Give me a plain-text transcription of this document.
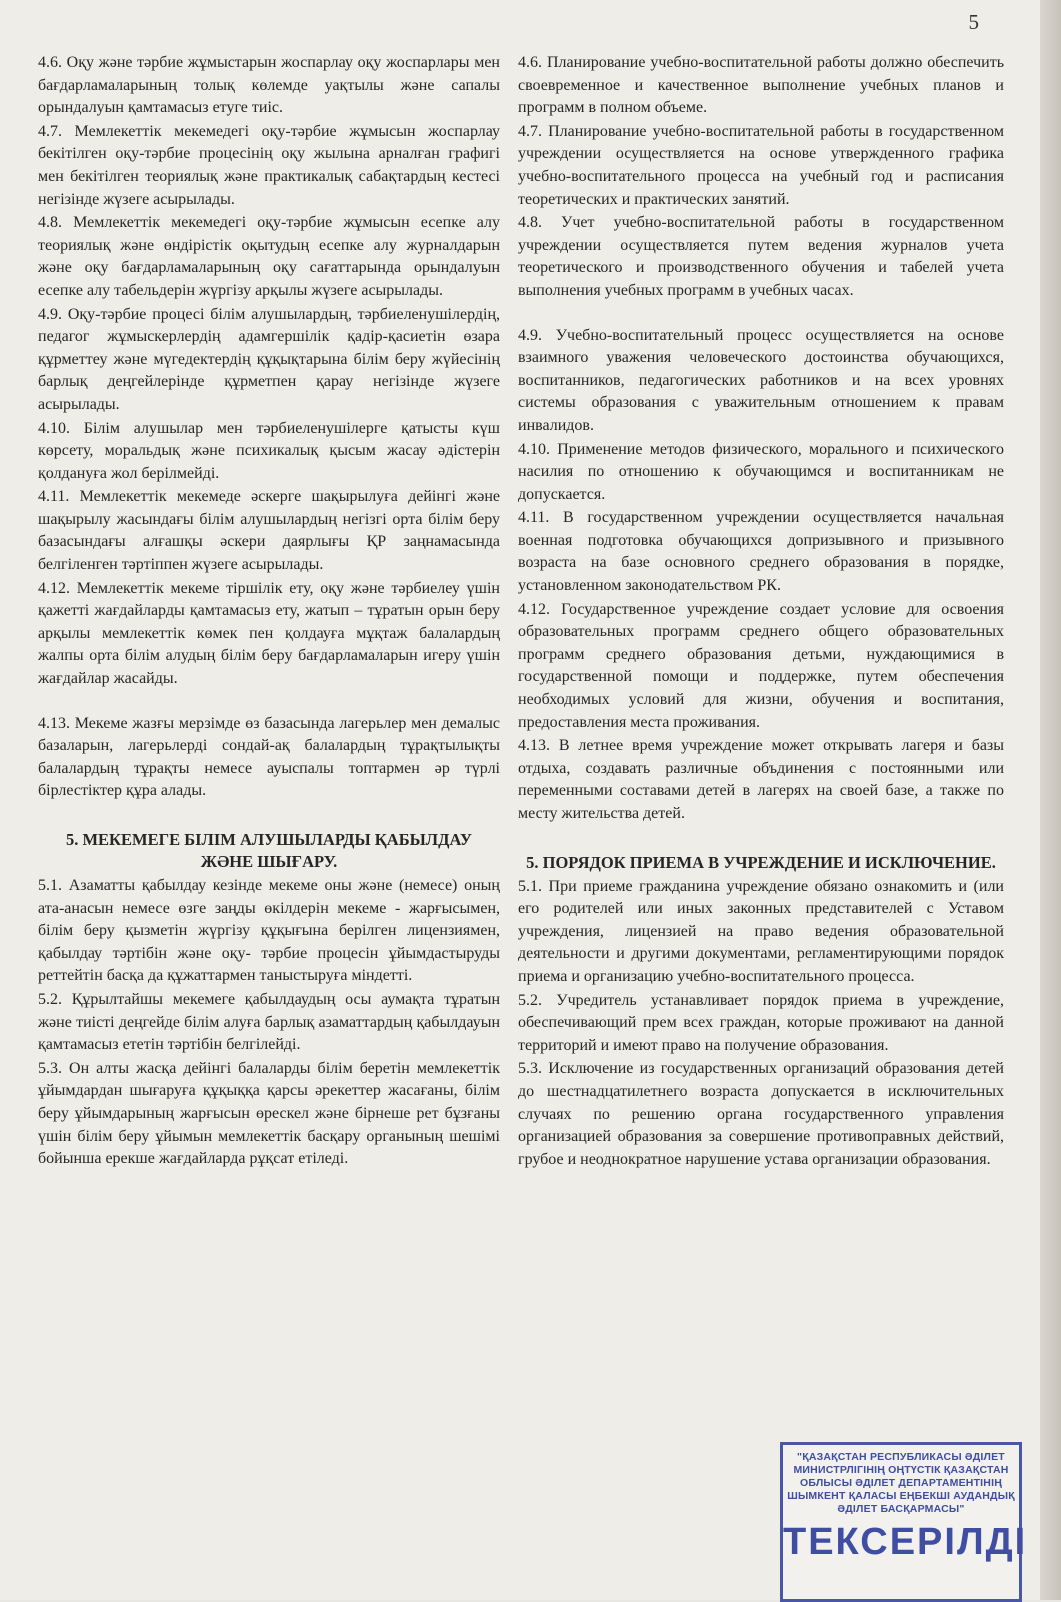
5

4.6. Оқу және тәрбие жұмыстарын жоспарлау оқу жоспарлары мен бағдарламаларының толық көлемде уақтылы және сапалы орындалуын қамтамасыз етуге тиіс.

4.7. Мемлекеттік мекемедегі оқу-тәрбие жұмысын жоспарлау бекітілген оқу-тәрбие процесінің оқу жылына арналған графигі мен бекітілген теориялық және практикалық сабақтардың кестесі негізінде жүзеге асырылады.

4.8. Мемлекеттік мекемедегі оқу-тәрбие жұмысын есепке алу теориялық және өндірістік оқытудың есепке алу журналдарын және оқу бағдарламаларының оқу сағаттарында орындалуын есепке алу табельдерін жүргізу арқылы жүзеге асырылады.

4.9. Оқу-тәрбие процесі білім алушылардың, тәрбиеленушілердің, педагог жұмыскерлердің адамгершілік қадір-қасиетін өзара құрметтеу және мүгедектердің құқықтарына білім беру жүйесінің барлық деңгейлерінде құрметпен қарау негізінде жүзеге асырылады.

4.10. Білім алушылар мен тәрбиеленушілерге қатысты күш көрсету, моральдық және психикалық қысым жасау әдістерін қолдануға жол берілмейді.

4.11. Мемлекеттік мекемеде әскерге шақырылуға дейінгі және шақырылу жасындағы білім алушылардың негізгі орта білім беру базасындағы алғашқы әскери даярлығы ҚР заңнамасында белгіленген тәртіппен жүзеге асырылады.

4.12. Мемлекеттік мекеме тіршілік ету, оқу және тәрбиелеу үшін қажетті жағдайларды қамтамасыз ету, жатып – тұратын орын беру арқылы мемлекеттік көмек пен қолдауға мұқтаж балалардың жалпы орта білім алудың білім беру бағдарламаларын игеру үшін жағдайлар жасайды.

4.13. Мекеме жазғы мерзімде өз базасында лагерьлер мен демалыс базаларын, лагерьлерді сондай-ақ балалардың тұрақтылықты балалардың тұрақты немесе ауыспалы топтармен әр түрлі бірлестіктер құра алады.

5. МЕКЕМЕГЕ БІЛІМ АЛУШЫЛАРДЫ ҚАБЫЛДАУ ЖӘНЕ ШЫҒАРУ.

5.1. Азаматты қабылдау кезінде мекеме оны және (немесе) оның ата-анасын немесе өзге заңды өкілдерін мекеме - жарғысымен, білім беру қызметін жүргізу құқығына берілген лицензиямен, қабылдау тәртібін және оқу- тәрбие процесін ұйымдастыруды реттейтін басқа да құжаттармен таныстыруға міндетті.

5.2. Құрылтайшы мекемеге қабылдаудың осы аумақта тұратын және тиісті деңгейде білім алуға барлық азаматтардың қабылдауын қамтамасыз ететін тәртібін белгілейді.

5.3. Он алты жасқа дейінгі балаларды білім беретін мемлекеттік ұйымдардан шығаруға құқыққа қарсы әрекеттер жасағаны, білім беру ұйымдарының жарғысын өрескел және бірнеше рет бұзғаны үшін білім беру ұйымын мемлекеттік басқару органының шешімі бойынша ерекше жағдайларда рұқсат етіледі.

4.6. Планирование учебно-воспитательной работы должно обеспечить своевременное и качественное выполнение учебных планов и программ в полном объеме.

4.7. Планирование учебно-воспитательной работы в государственном учреждении осуществляется на основе утвержденного графика учебно-воспитательного процесса на учебный год и расписания теоретических и практических занятий.

4.8. Учет учебно-воспитательной работы в государственном учреждении осуществляется путем ведения журналов учета теоретического и производственного обучения и табелей учета выполнения учебных программ в учебных часах.

4.9. Учебно-воспитательный процесс осуществляется на основе взаимного уважения человеческого достоинства обучающихся, воспитанников, педагогических работников и на всех уровнях системы образования с уважительным отношением к правам инвалидов.

4.10. Применение методов физического, морального и психического насилия по отношению к обучающимся и воспитанникам не допускается.

4.11. В государственном учреждении осуществляется начальная военная подготовка обучающихся допризывного и призывного возраста на базе основного среднего образования в порядке, установленном законодательством РК.

4.12. Государственное учреждение создает условие для освоения образовательных программ среднего общего образовательных программ среднего образования детьми, нуждающимися в государственной помощи и поддержке, путем обеспечения необходимых условий для жизни, обучения и воспитания, предоставления места проживания.

4.13. В летнее время учреждение может открывать лагеря и базы отдыха, создавать различные объдинения с постоянными или переменными составами детей в лагерях на своей базе, а также по месту жительства детей.

5. ПОРЯДОК ПРИЕМА В УЧРЕЖДЕНИЕ И ИСКЛЮЧЕНИЕ.

5.1. При приеме гражданина учреждение обязано ознакомить и (или его родителей или иных законных представителей с Уставом учреждения, лицензией на право ведения образовательной деятельности и другими документами, регламентирующими порядок приема и организацию учебно-воспитательного процесса.

5.2. Учредитель устанавливает порядок приема в учреждение, обеспечивающий прем всех граждан, которые проживают на данной территорий и имеют право на получение образования.

5.3. Исключение из государственных организаций образования детей до шестнадцатилетнего возраста допускается в исключительных случаях по решению органа государственного управления организацией образования за совершение противоправных действий, грубое и неоднократное нарушение устава организации образования.

"ҚАЗАҚСТАН РЕСПУБЛИКАСЫ ӘДІЛЕТ МИНИСТРЛІГІНІҢ ОҢТҮСТІК ҚАЗАҚСТАН ОБЛЫСЫ ӘДІЛЕТ ДЕПАРТАМЕНТІНІҢ ШЫМКЕНТ ҚАЛАСЫ ЕҢБЕКШІ АУДАНДЫҚ ӘДІЛЕТ БАСҚАРМАСЫ"
ТЕКСЕРІЛДІ
